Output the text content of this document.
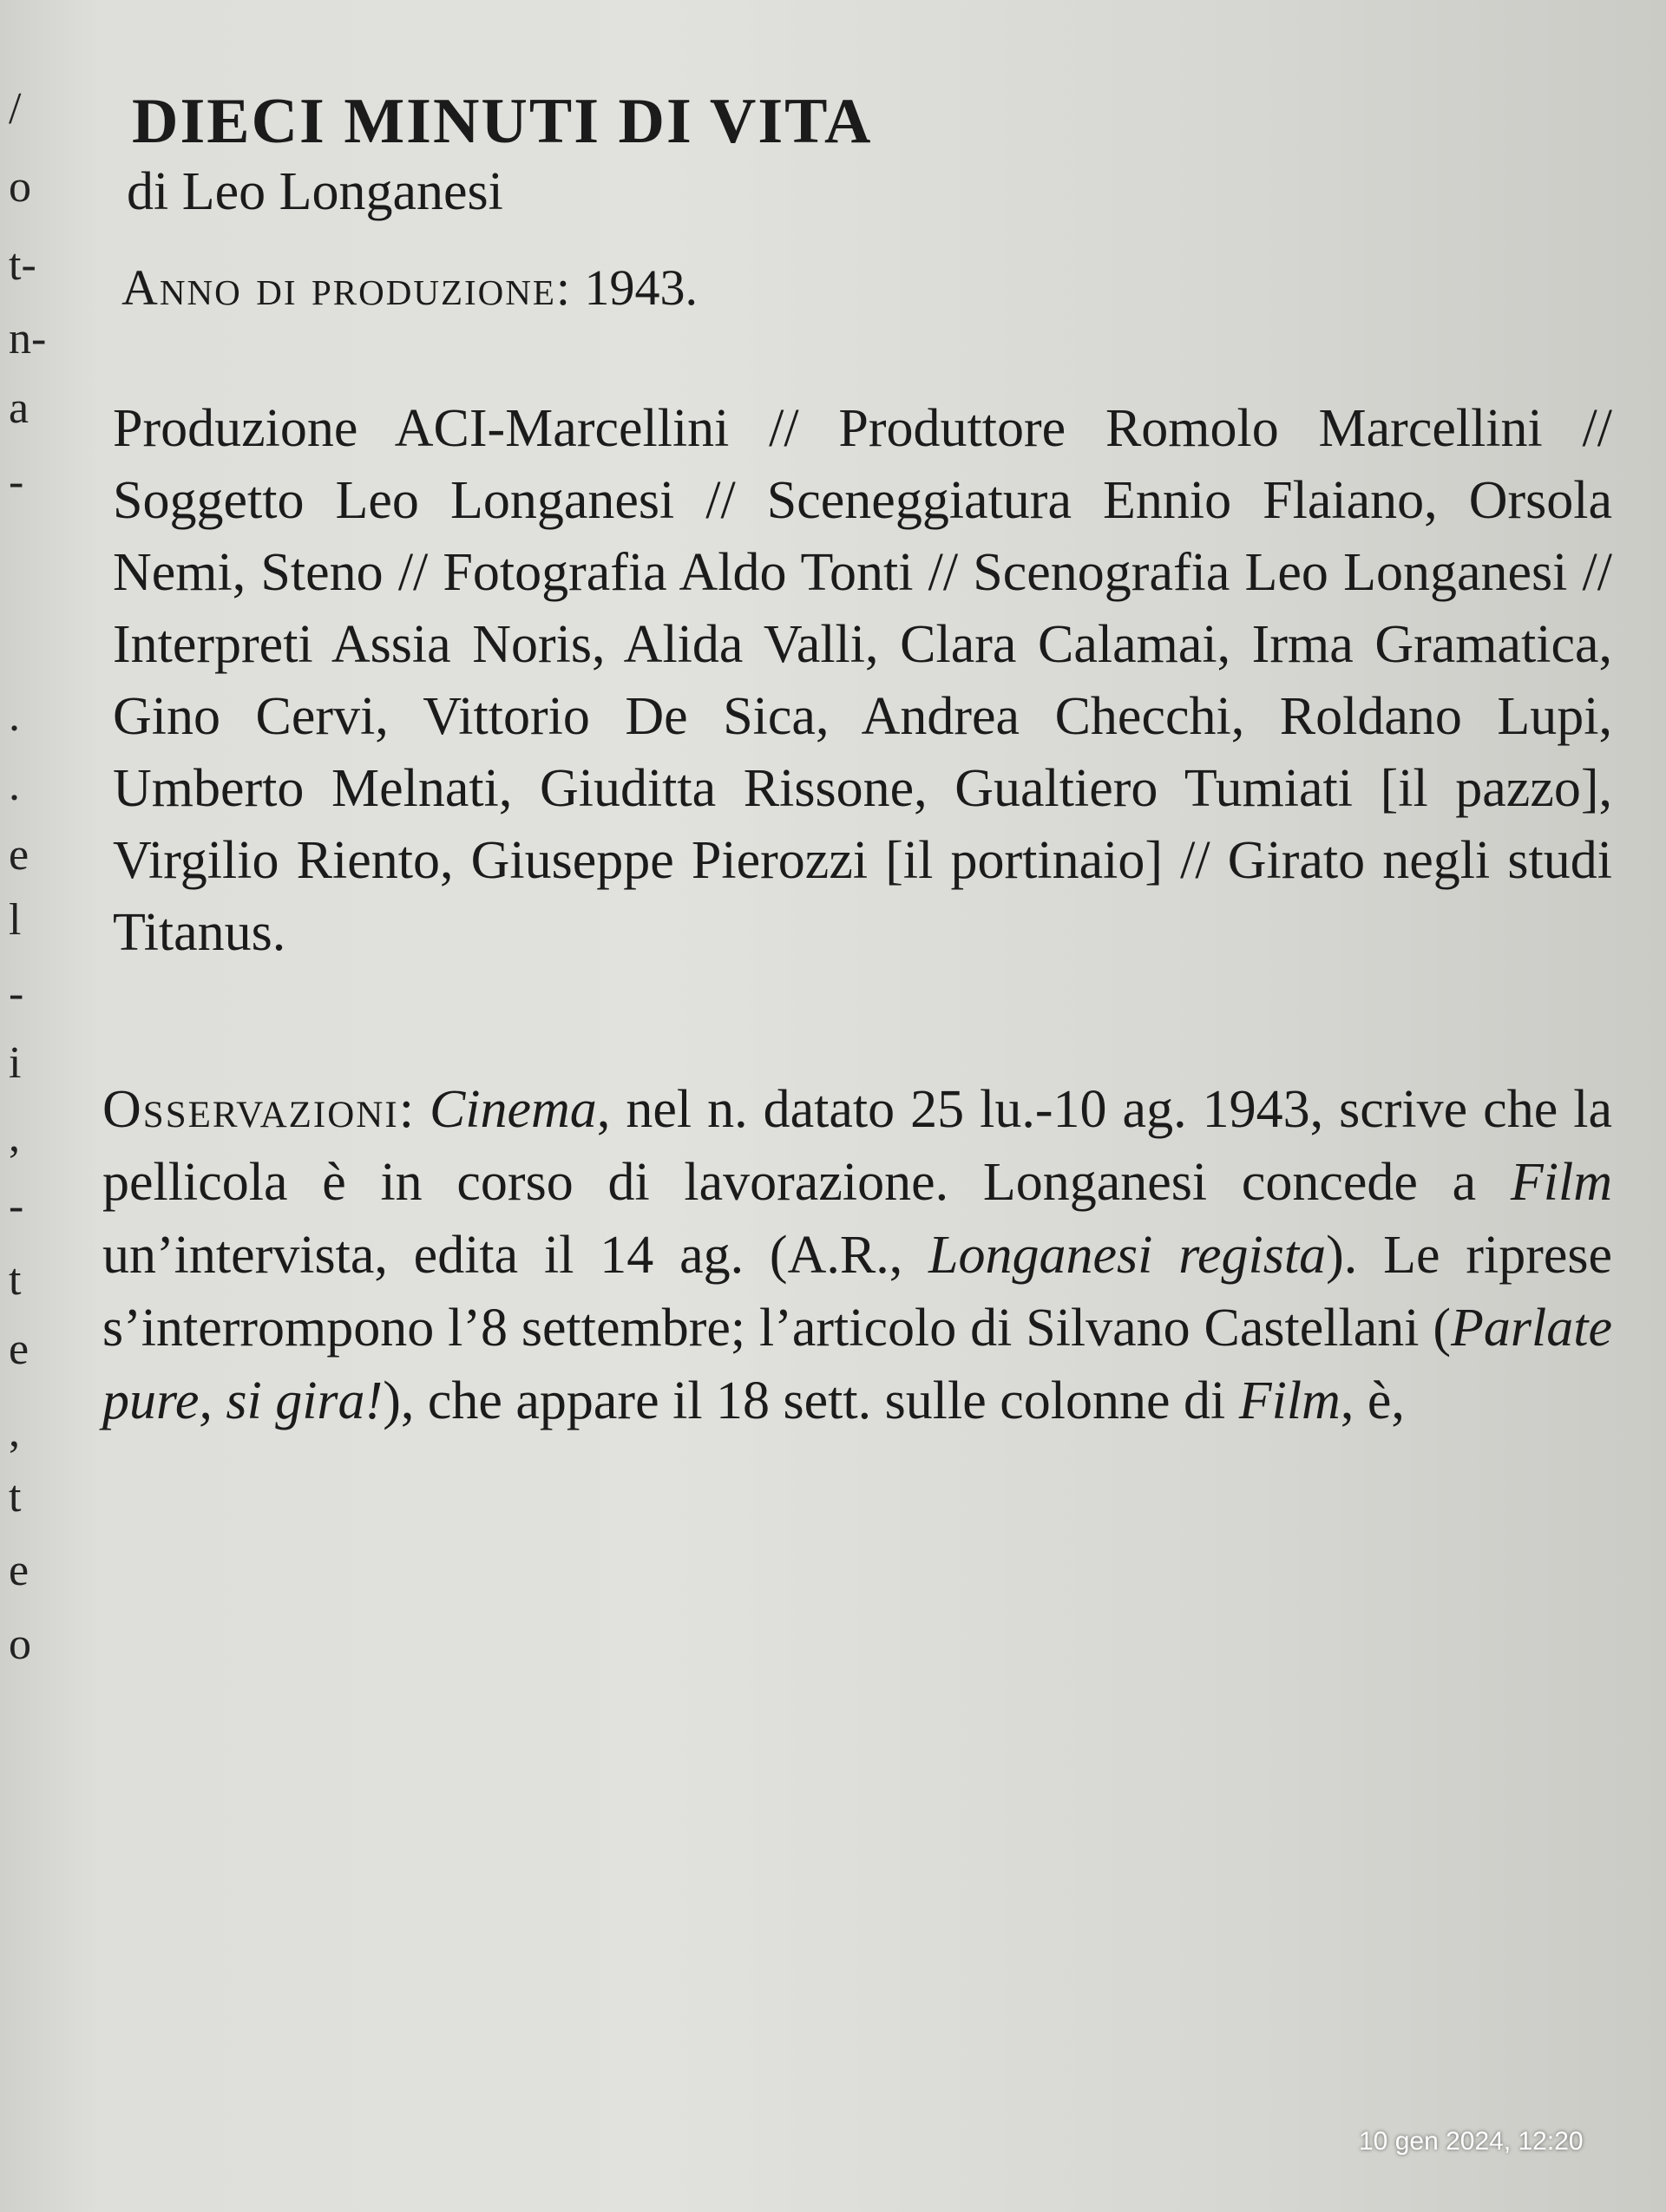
/
o
t-
n-
a
-
.
.
e
l
-
i
,
-
t
e
,
t
e
o
DIECI MINUTI DI VITA
di Leo Longanesi
Anno di produzione: 1943.

Produzione ACI-Marcellini // Produttore Romolo Marcellini // Soggetto Leo Longanesi // Sceneggiatura Ennio Flaiano, Orsola Nemi, Steno // Fotografia Aldo Tonti // Scenografia Leo Longanesi // Interpreti Assia Noris, Alida Valli, Clara Calamai, Irma Gramatica, Gino Cervi, Vittorio De Sica, Andrea Checchi, Roldano Lupi, Umberto Melnati, Giuditta Rissone, Gualtiero Tumiati [il pazzo], Virgilio Riento, Giuseppe Pierozzi [il portinaio] // Girato negli studi Titanus.

Osservazioni: Cinema, nel n. datato 25 lu.-10 ag. 1943, scrive che la pellicola è in corso di lavorazione. Longanesi concede a Film un’intervista, edita il 14 ag. (A.R., Longanesi regista). Le riprese s’interrompono l’8 settembre; l’articolo di Silvano Castellani (Parlate pure, si gira!), che appare il 18 sett. sulle colonne di Film, è,

10 gen 2024, 12:20
